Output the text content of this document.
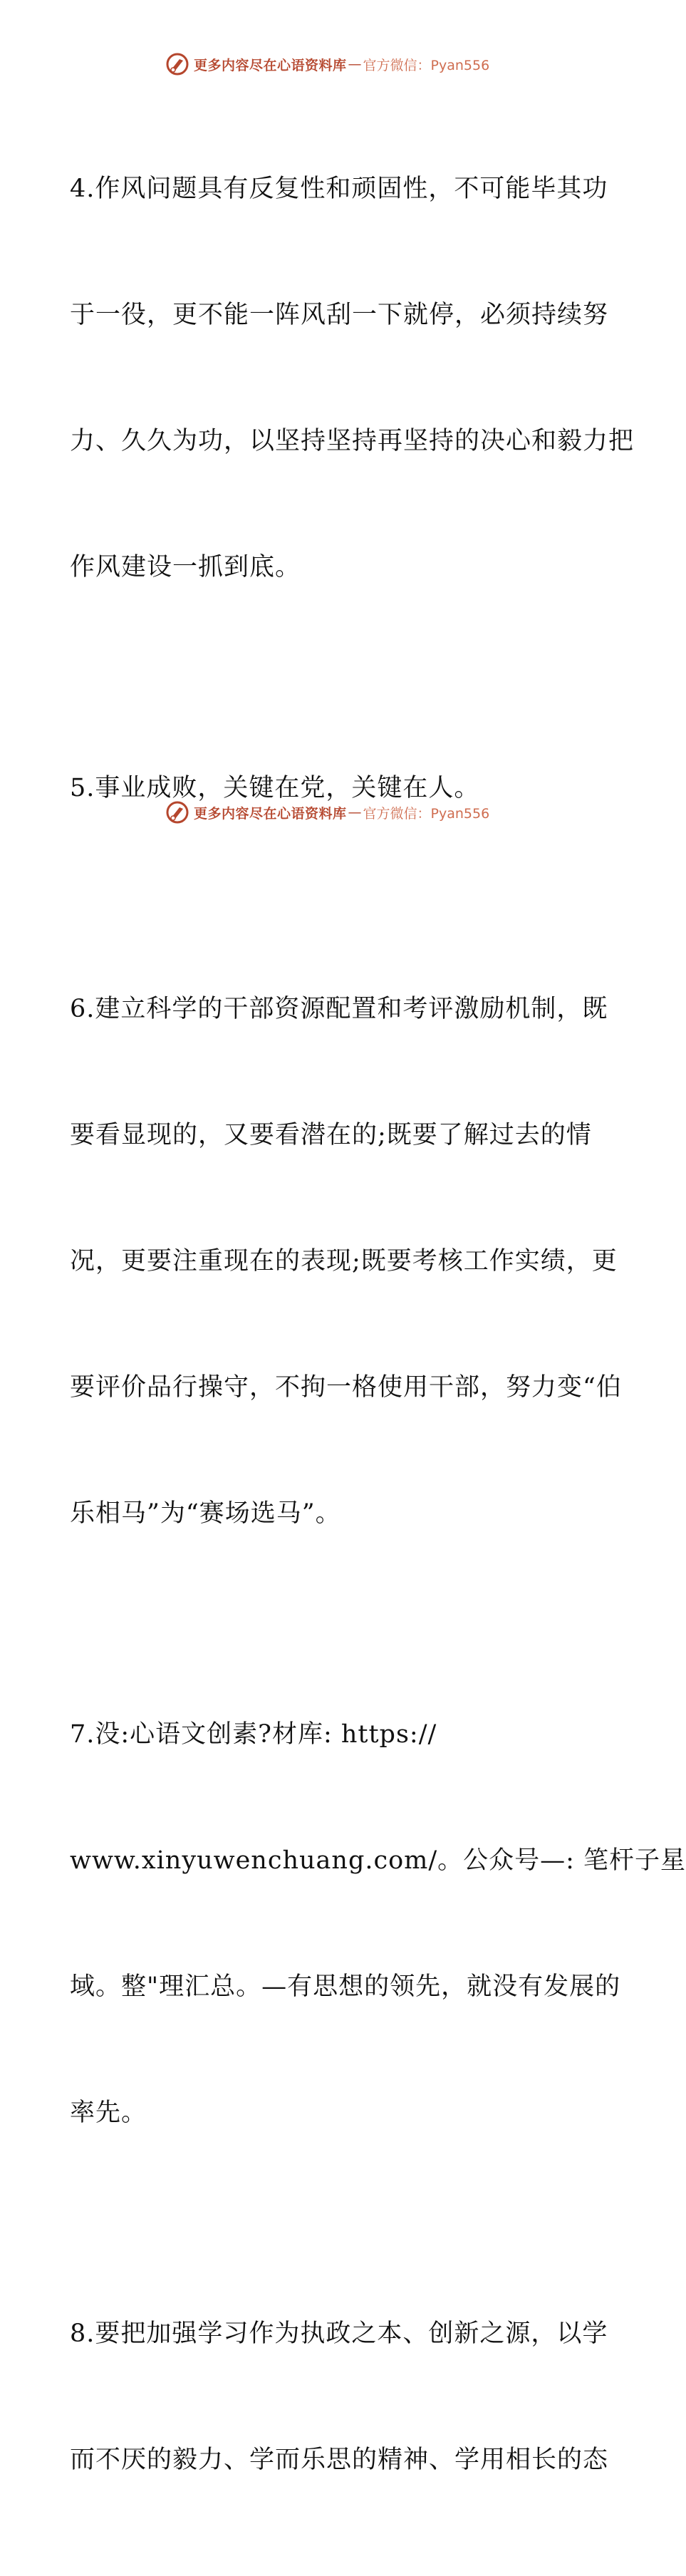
更多内容尽在心语资料库 — 官方微信：Pyan556

4.作风问题具有反复性和顽固性，不可能毕其功

于一役，更不能一阵风刮一下就停，必须持续努

力、久久为功，以坚持坚持再坚持的决心和毅力把

作风建设一抓到底。

5.事业成败，关键在党，关键在人。

6.建立科学的干部资源配置和考评激励机制，既

要看显现的，又要看潜在的;既要了解过去的情

况，更要注重现在的表现;既要考核工作实绩，更

要评价品行操守，不拘一格使用干部，努力变“伯

乐相马”为“赛场选马”。

7.没:心语文创素?材库: https://

www.xinyuwenchuang.com/。公众号—: 笔杆子星

域。整"理汇总。—有思想的领先，就没有发展的

率先。

8.要把加强学习作为执政之本、创新之源，以学

而不厌的毅力、学而乐思的精神、学用相长的态

更多内容尽在心语资料库 — 官方微信：Pyan556
